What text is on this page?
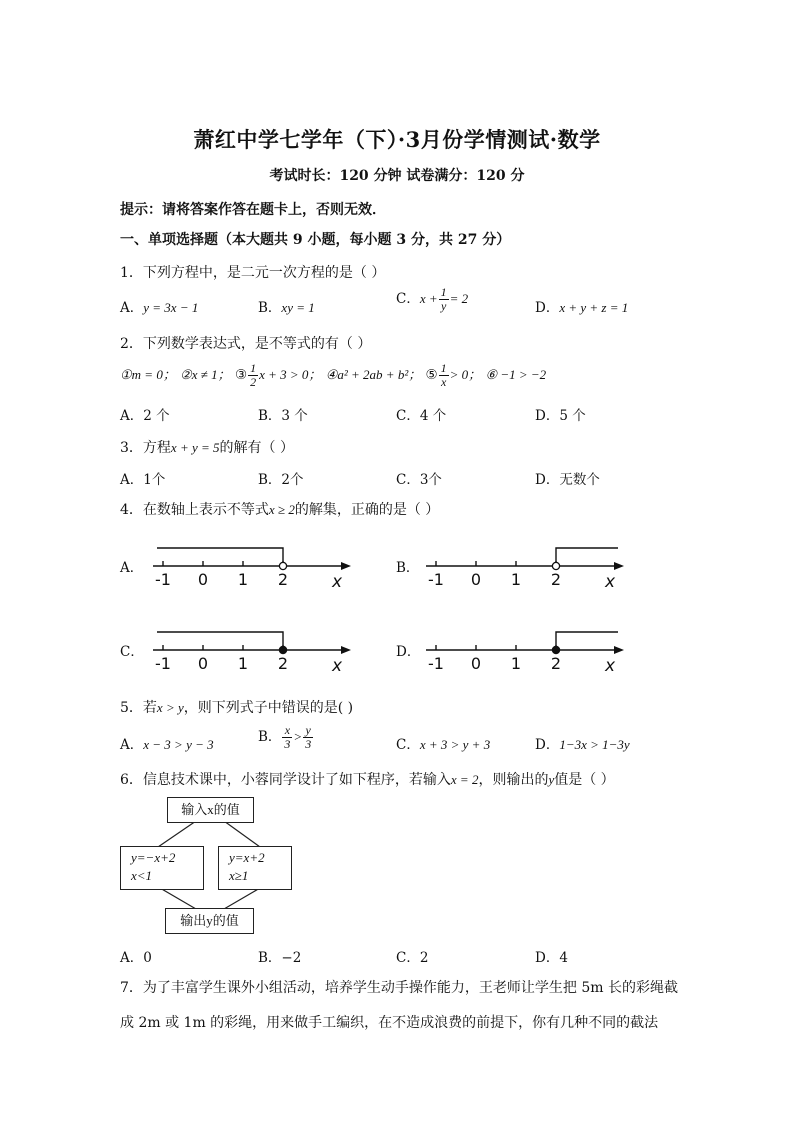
萧红中学七学年（下）·3月份学情测试·数学
考试时长：120 分钟 试卷满分：120 分
提示：请将答案作答在题卡上，否则无效．
一、单项选择题（本大题共 9 小题，每小题 3 分，共 27 分）
1．下列方程中，是二元一次方程的是（ ）
A．y = 3x − 1	B．xy = 1
C．$x + \frac{1}{y} = 2$
D．x + y + z = 1
2．下列数学表达式，是不等式的有（ ）
①m = 0； ②x ≠ 1； ③ $\frac{1}{2}$ x + 3 > 0； ④a² + 2ab + b²； ⑤ $\frac{1}{x} > 0$； ⑥ −1 > −2
A．2 个	B．3 个	C．4 个	D．5 个
3．方程x + y = 5的解有（ ）
A．1个	B．2个	C．3个	D．无数个
4．在数轴上表示不等式x ≥ 2的解集，正确的是（ ）
A．	B．
C．	D．
-1 0 1 2	x	-1 0 1 2	x
-1 0 1 2	x	-1 0 1 2	x
5．若x > y，则下列式子中错误的是( )
A．x − 3 > y − 3	B． $\frac{x}{3} > \frac{y}{3}$	C．x + 3 > y + 3	D．1−3x > 1−3y
6．信息技术课中，小蓉同学设计了如下程序，若输入x = 2，则输出的y值是（ ）
输入x的值
y=−x+2
x<1
y=x+2
x≥1
输出y的值
A．0	B．−2	C．2	D．4
7．为了丰富学生课外小组活动，培养学生动手操作能力，王老师让学生把 5m 长的彩绳截
成 2m 或 1m 的彩绳，用来做手工编织，在不造成浪费的前提下，你有几种不同的截法
